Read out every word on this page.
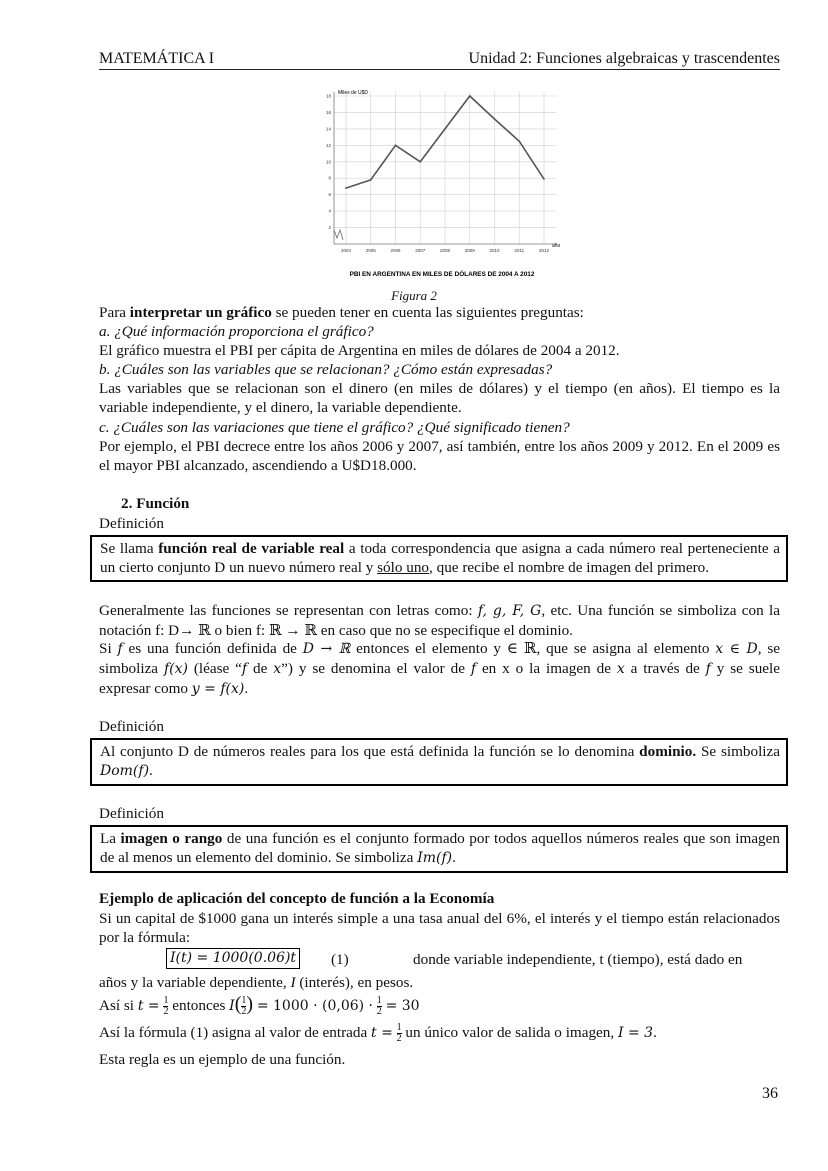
MATEMÁTICA I	Unidad 2: Funciones algebraicas y trascendentes
2
4
6
8
10
12
14
16
18
2004	2005	2006	2007	2008	2009	2010	2011	2012
Miles de U$D
año
PBI EN ARGENTINA EN MILES DE DÓLARES DE 2004 A 2012
Figura 2
Para interpretar un gráfico se pueden tener en cuenta las siguientes preguntas:
a. ¿Qué información proporciona el gráfico?
El gráfico muestra el PBI per cápita de Argentina en miles de dólares de 2004 a 2012.
b. ¿Cuáles son las variables que se relacionan? ¿Cómo están expresadas?
Las variables que se relacionan son el dinero (en miles de dólares) y el tiempo (en años). El tiempo es la variable independiente, y el dinero, la variable dependiente.
c. ¿Cuáles son las variaciones que tiene el gráfico? ¿Qué significado tienen?
Por ejemplo, el PBI decrece entre los años 2006 y 2007, así también, entre los años 2009 y 2012. En el 2009 es el mayor PBI alcanzado, ascendiendo a U$D18.000.
2. Función
Definición
Se llama función real de variable real a toda correspondencia que asigna a cada número real perteneciente a un cierto conjunto D un nuevo número real y sólo uno, que recibe el nombre de imagen del primero.
Generalmente las funciones se representan con letras como: f, g, F, G, etc. Una función se simboliza con la notación f: D→ ℝ o bien f: ℝ → ℝ en caso que no se especifique el dominio.
Si f es una función definida de D → ℝ entonces el elemento y ∈ ℝ, que se asigna al elemento x ∈ D, se simboliza f(x) (léase “f de x”) y se denomina el valor de f en x o la imagen de x a través de f y se suele expresar como y = f(x).
Definición
Al conjunto D de números reales para los que está definida la función se lo denomina dominio. Se simboliza Dom(f).
Definición
La imagen o rango de una función es el conjunto formado por todos aquellos números reales que son imagen de al menos un elemento del dominio. Se simboliza Im(f).
Ejemplo de aplicación del concepto de función a la Economía
Si un capital de $1000 gana un interés simple a una tasa anual del 6%, el interés y el tiempo están relacionados por la fórmula:
I(t) = 1000(0.06)t (1)	donde variable independiente, t (tiempo), está dado en
años y la variable dependiente, I (interés), en pesos.
Así si $t = \frac{1}{2}$ entonces $I( \frac{1}{2}$ ) = $1000 \cdot (0,06) \cdot \frac{1}{2} = 30$
Así la fórmula (1) asigna al valor de entrada $t = \frac{1}{2}$ un único valor de salida o imagen, I = 3.
Esta regla es un ejemplo de una función.
36
